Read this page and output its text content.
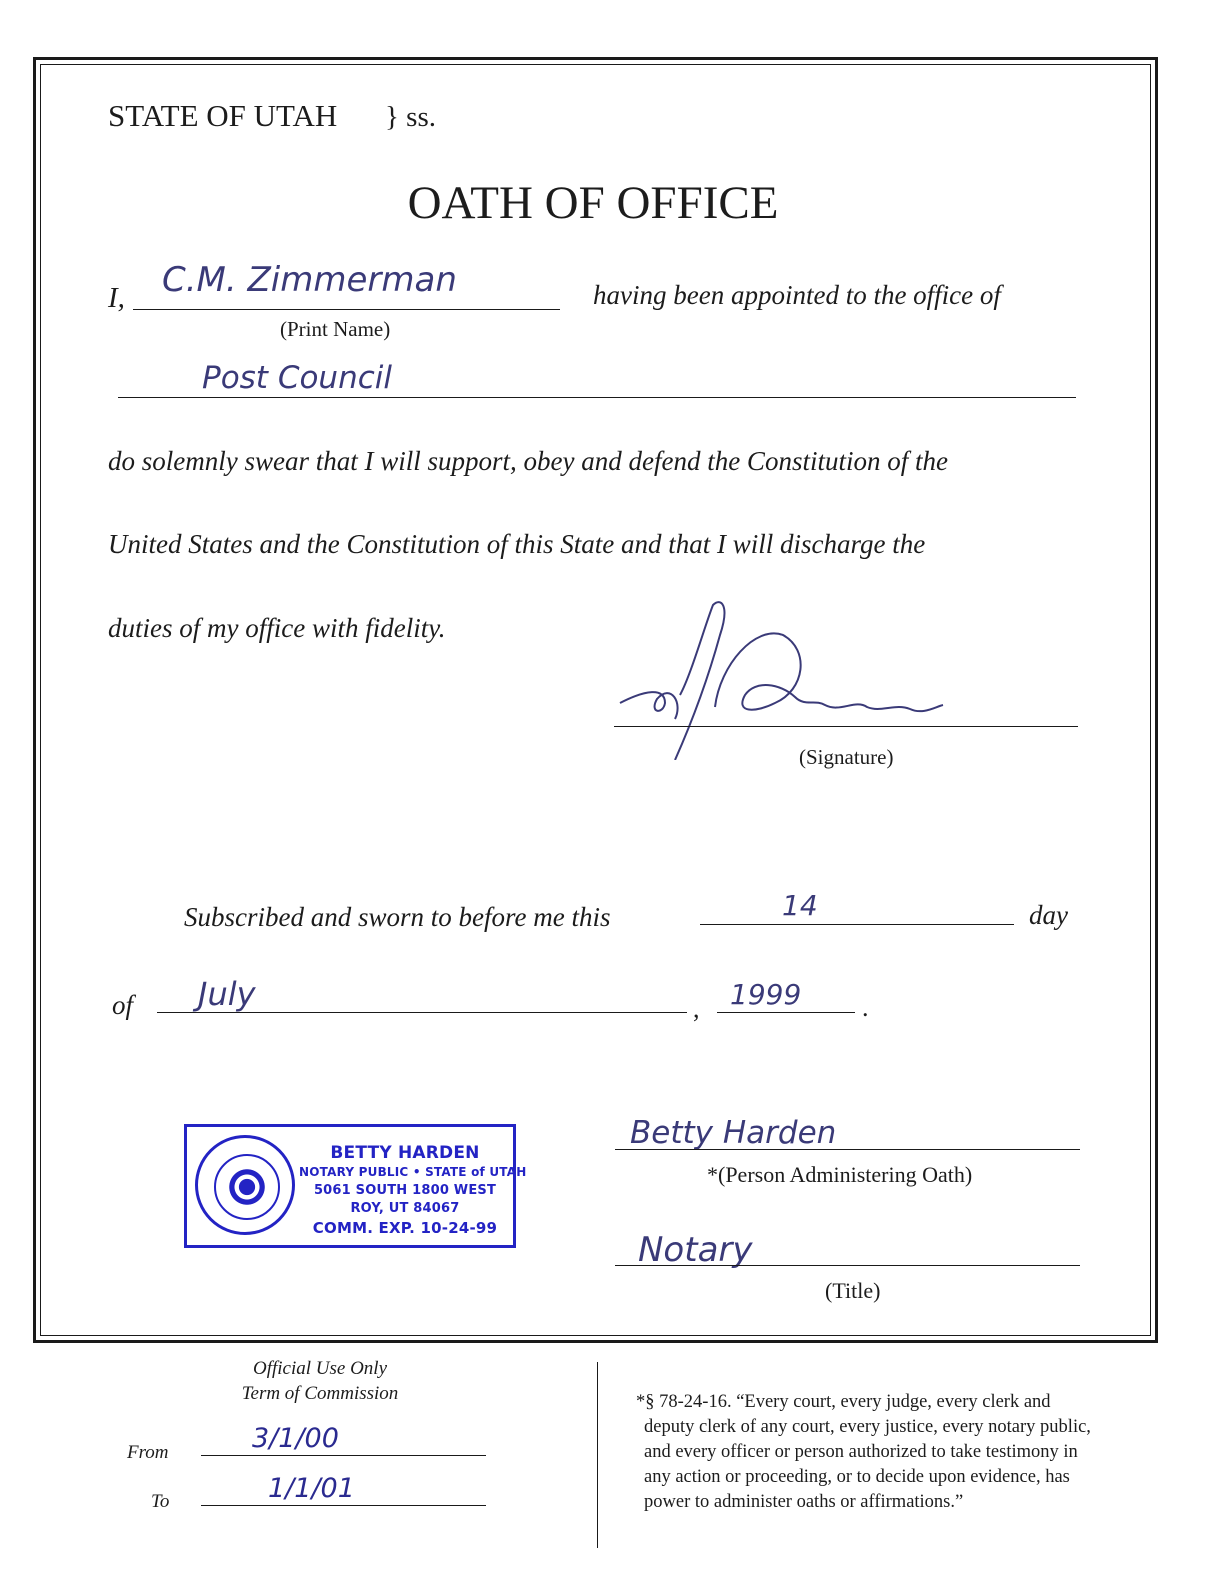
STATE OF UTAH } ss.
OATH OF OFFICE
I, C.M. Zimmerman
(Print Name)
having been appointed to the office of
Post Council
do solemnly swear that I will support, obey and defend the Constitution of the
United States and the Constitution of this State and that I will discharge the
duties of my office with fidelity.
(Signature)
Subscribed and sworn to before me this	14	day
of July	, 1999 .
BETTY HARDEN
NOTARY PUBLIC • STATE of UTAH
5061 SOUTH 1800 WEST
ROY, UT 84067
COMM. EXP. 10-24-99
Betty Harden
*(Person Administering Oath)
Notary
(Title)
Official Use Only
Term of Commission
From	3/1/00
To	1/1/01
*§ 78-24-16. “Every court, every judge, every clerk and
deputy clerk of any court, every justice, every notary public,
and every officer or person authorized to take testimony in
any action or proceeding, or to decide upon evidence, has
power to administer oaths or affirmations.”
